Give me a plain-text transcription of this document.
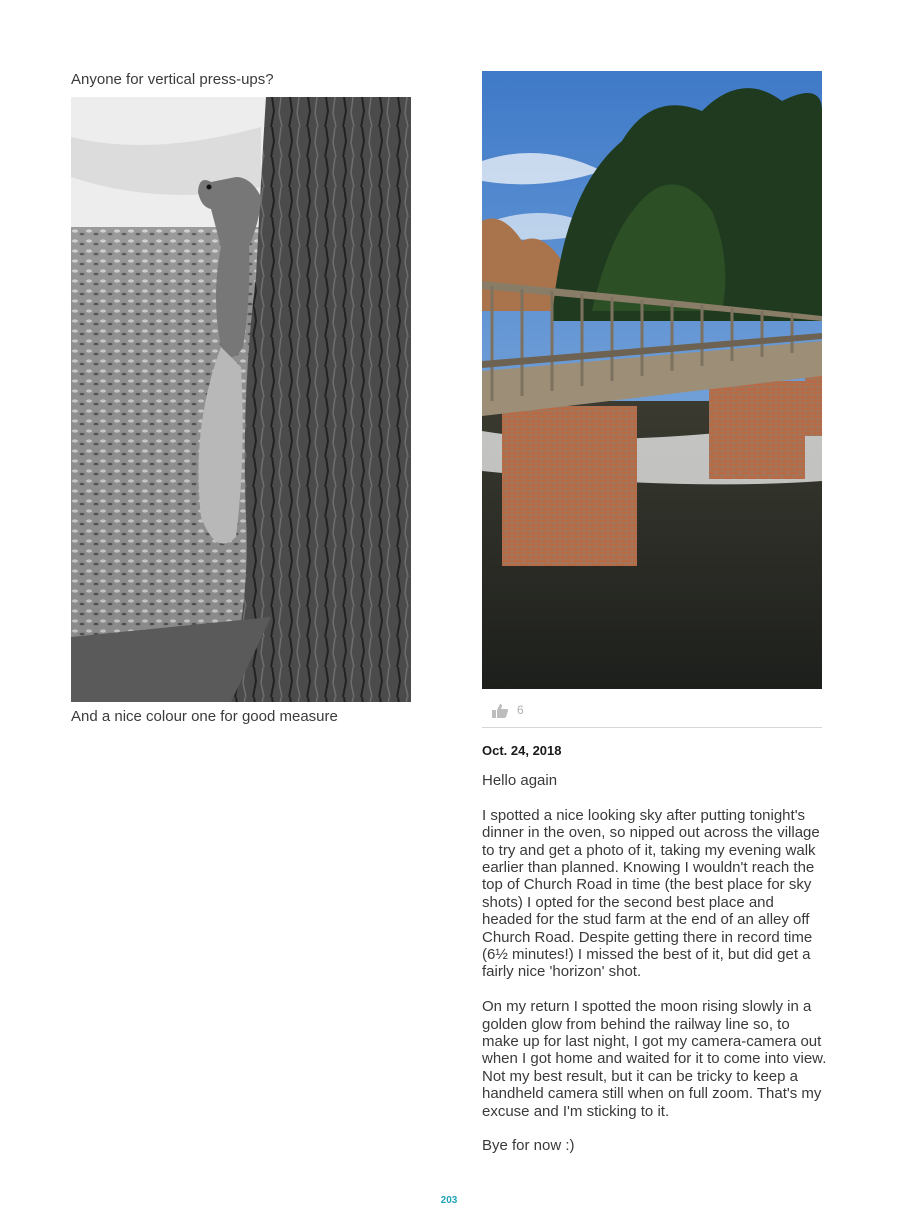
Anyone for vertical press-ups?
And a nice colour one for good measure	6
Oct. 24, 2018

Hello again

I spotted a nice looking sky after putting tonight's dinner in the oven, so nipped out across the village to try and get a photo of it, taking my evening walk earlier than planned. Knowing I wouldn't reach the top of Church Road in time (the best place for sky shots) I opted for the second best place and headed for the stud farm at the end of an alley off Church Road. Despite getting there in record time (6½ minutes!) I missed the best of it, but did get a fairly nice 'horizon' shot.

On my return I spotted the moon rising slowly in a golden glow from behind the railway line so, to make up for last night, I got my camera-camera out when I got home and waited for it to come into view. Not my best result, but it can be tricky to keep a handheld camera still when on full zoom. That's my excuse and I'm sticking to it.

Bye for now :)

203
